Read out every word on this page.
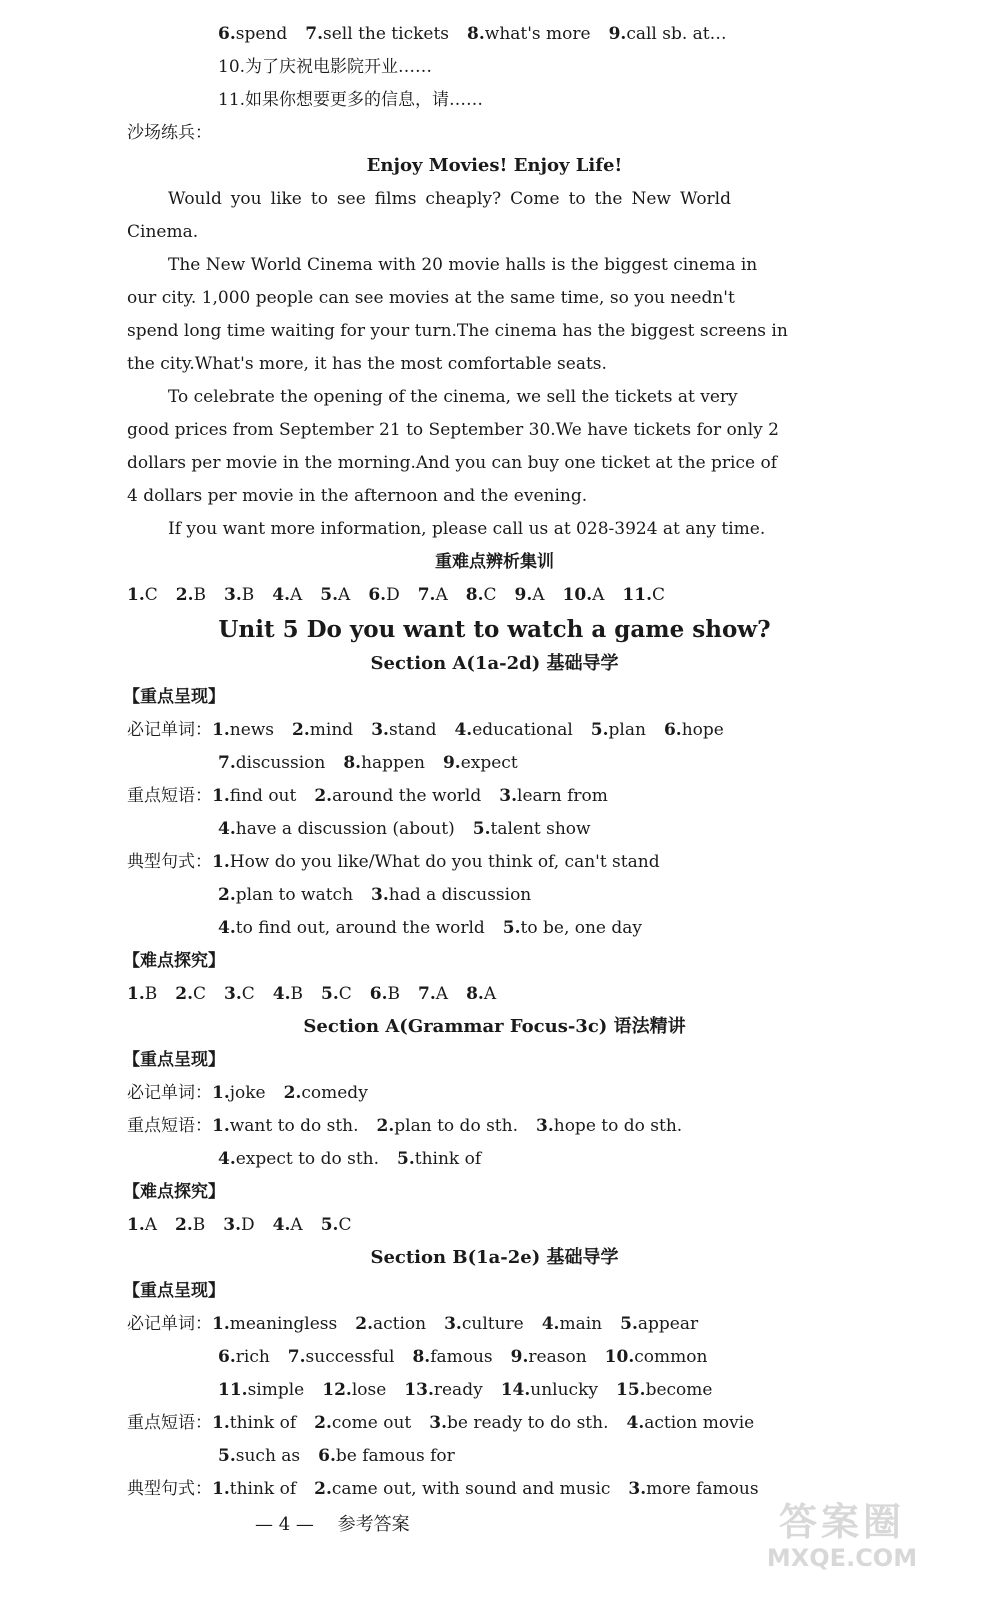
6.spend 7.sell the tickets 8.what's more 9.call sb. at…
10.为了庆祝电影院开业……
11.如果你想要更多的信息，请……
沙场练兵：
Enjoy Movies! Enjoy Life!
Would you like to see films cheaply? Come to the New World
Cinema.
The New World Cinema with 20 movie halls is the biggest cinema in
our city. 1,000 people can see movies at the same time, so you needn't
spend long time waiting for your turn.The cinema has the biggest screens in
the city.What's more, it has the most comfortable seats.
To celebrate the opening of the cinema, we sell the tickets at very
good prices from September 21 to September 30.We have tickets for only 2
dollars per movie in the morning.And you can buy one ticket at the price of
4 dollars per movie in the afternoon and the evening.
If you want more information, please call us at 028-3924 at any time.
重难点辨析集训
1.C 2.B 3.B 4.A 5.A 6.D 7.A 8.C 9.A 10.A 11.C
Unit 5 Do you want to watch a game show?
Section A(1a-2d) 基础导学
【重点呈现】
必记单词：1.news 2.mind 3.stand 4.educational 5.plan 6.hope
7.discussion 8.happen 9.expect
重点短语：1.find out 2.around the world 3.learn from
4.have a discussion (about) 5.talent show
典型句式：1.How do you like/What do you think of, can't stand
2.plan to watch 3.had a discussion
4.to find out, around the world 5.to be, one day
【难点探究】
1.B 2.C 3.C 4.B 5.C 6.B 7.A 8.A
Section A(Grammar Focus-3c) 语法精讲
【重点呈现】
必记单词：1.joke 2.comedy
重点短语：1.want to do sth. 2.plan to do sth. 3.hope to do sth.
4.expect to do sth. 5.think of
【难点探究】
1.A 2.B 3.D 4.A 5.C
Section B(1a-2e) 基础导学
【重点呈现】
必记单词：1.meaningless 2.action 3.culture 4.main 5.appear
6.rich 7.successful 8.famous 9.reason 10.common
11.simple 12.lose 13.ready 14.unlucky 15.become
重点短语：1.think of 2.come out 3.be ready to do sth. 4.action movie
5.such as 6.be famous for
典型句式：1.think of 2.came out, with sound and music 3.more famous
— 4 — 参考答案	答案圈
MXQE.COM
